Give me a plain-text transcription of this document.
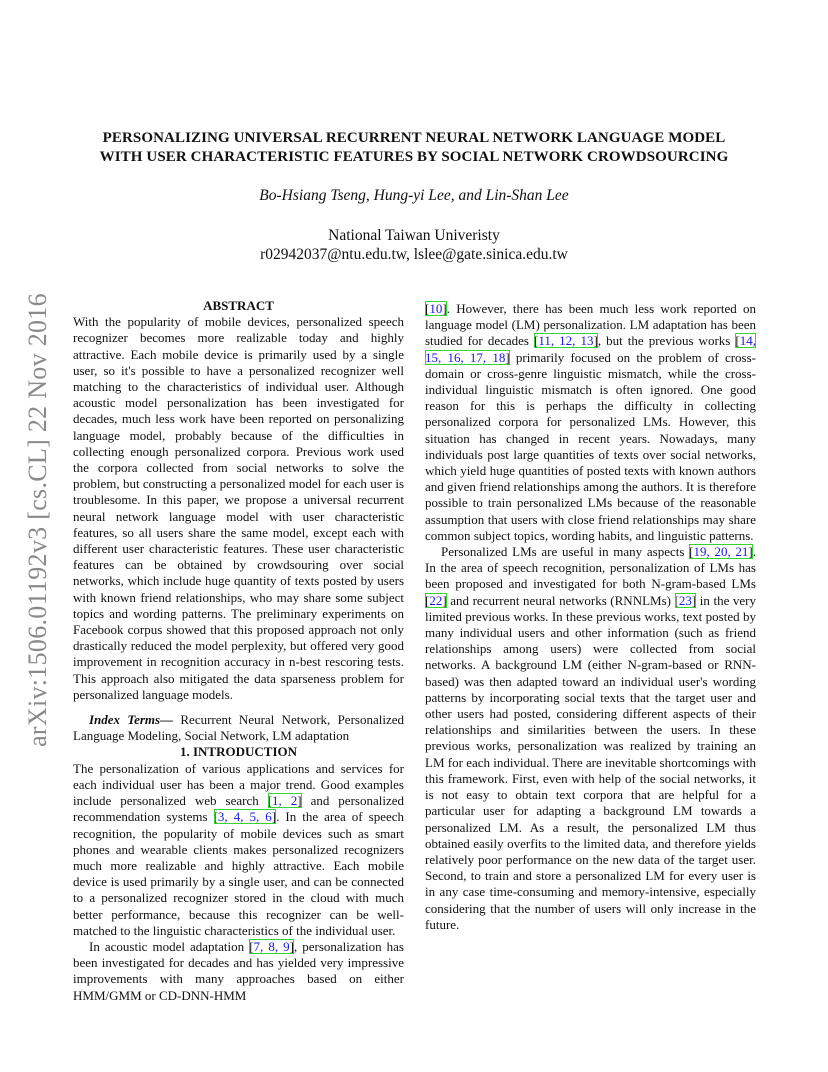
arXiv:1506.01192v3 [cs.CL] 22 Nov 2016
PERSONALIZING UNIVERSAL RECURRENT NEURAL NETWORK LANGUAGE MODEL
WITH USER CHARACTERISTIC FEATURES BY SOCIAL NETWORK CROWDSOURCING
Bo-Hsiang Tseng, Hung-yi Lee, and Lin-Shan Lee
National Taiwan Univeristy
r02942037@ntu.edu.tw, lslee@gate.sinica.edu.tw

ABSTRACT

With the popularity of mobile devices, personalized speech recognizer becomes more realizable today and highly attractive. Each mobile device is primarily used by a single user, so it's possible to have a personalized recognizer well matching to the characteristics of individual user. Although acoustic model personalization has been investigated for decades, much less work have been reported on personalizing language model, probably because of the difficulties in collecting enough personalized corpora. Previous work used the corpora collected from social networks to solve the problem, but constructing a personalized model for each user is troublesome. In this paper, we propose a universal recurrent neural network language model with user characteristic features, so all users share the same model, except each with different user characteristic features. These user characteristic features can be obtained by crowdsouring over social networks, which include huge quantity of texts posted by users with known friend relationships, who may share some subject topics and wording patterns. The preliminary experiments on Facebook corpus showed that this proposed approach not only drastically reduced the model perplexity, but offered very good improvement in recognition accuracy in n-best rescoring tests. This approach also mitigated the data sparseness problem for personalized language models.

Index Terms— Recurrent Neural Network, Personalized Language Modeling, Social Network, LM adaptation

1. INTRODUCTION

The personalization of various applications and services for each individual user has been a major trend. Good examples include personalized web search [ 1, 2 ] and personalized recommendation systems [ 3, 4, 5, 6 ] . In the area of speech recognition, the popularity of mobile devices such as smart phones and wearable clients makes personalized recognizers much more realizable and highly attractive. Each mobile device is used primarily by a single user, and can be connected to a personalized recognizer stored in the cloud with much better performance, because this recognizer can be well-matched to the linguistic characteristics of the individual user.

In acoustic model adaptation [ 7, 8, 9 ] , personalization has been investigated for decades and has yielded very impressive improvements with many approaches based on either HMM/GMM or CD-DNN-HMM

[ 10 ] . However, there has been much less work reported on language model (LM) personalization. LM adaptation has been studied for decades [ 11, 12, 13 ] , but the previous works [ 14, 15, 16, 17, 18 ] primarily focused on the problem of cross-domain or cross-genre linguistic mismatch, while the cross-individual linguistic mismatch is often ignored. One good reason for this is perhaps the difficulty in collecting personalized corpora for personalized LMs. However, this situation has changed in recent years. Nowadays, many individuals post large quantities of texts over social networks, which yield huge quantities of posted texts with known authors and given friend relationships among the authors. It is therefore possible to train personalized LMs because of the reasonable assumption that users with close friend relationships may share common subject topics, wording habits, and linguistic patterns.

Personalized LMs are useful in many aspects [ 19, 20, 21 ] . In the area of speech recognition, personalization of LMs has been proposed and investigated for both N-gram-based LMs [ 22 ] and recurrent neural networks (RNNLMs) [ 23 ] in the very limited previous works. In these previous works, text posted by many individual users and other information (such as friend relationships among users) were collected from social networks. A background LM (either N-gram-based or RNN-based) was then adapted toward an individual user's wording patterns by incorporating social texts that the target user and other users had posted, considering different aspects of their relationships and similarities between the users. In these previous works, personalization was realized by training an LM for each individual. There are inevitable shortcomings with this framework. First, even with help of the social networks, it is not easy to obtain text corpora that are helpful for a particular user for adapting a background LM towards a personalized LM. As a result, the personalized LM thus obtained easily overfits to the limited data, and therefore yields relatively poor performance on the new data of the target user. Second, to train and store a personalized LM for every user is in any case time-consuming and memory-intensive, especially considering that the number of users will only increase in the future.
